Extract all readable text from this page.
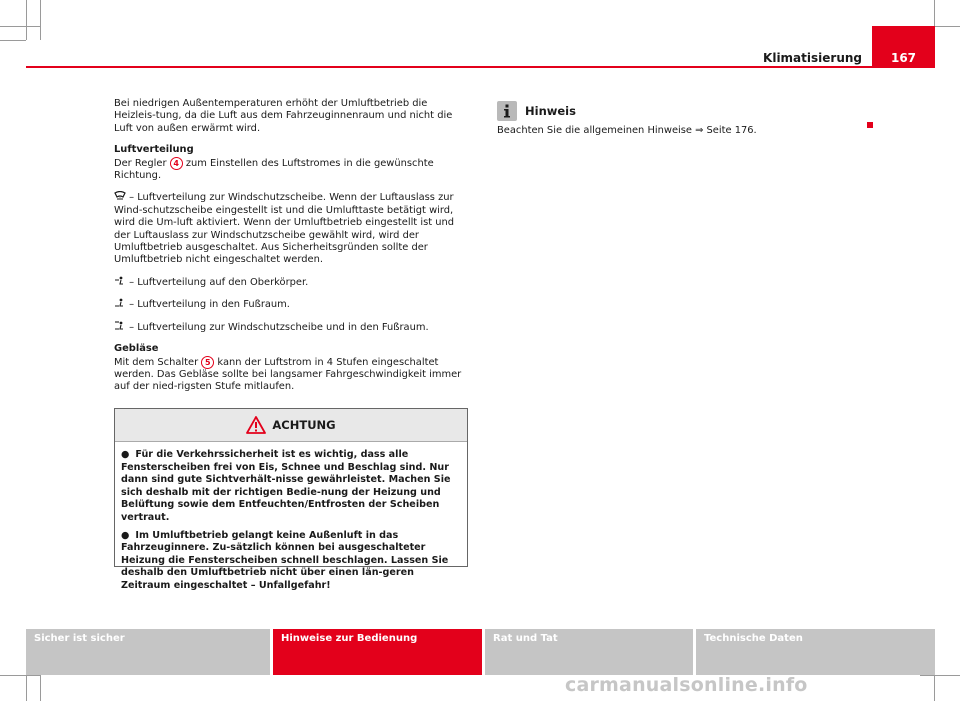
Klimatisierung	167

Bei niedrigen Außentemperaturen erhöht der Umluftbetrieb die Heizleis-tung, da die Luft aus dem Fahrzeuginnenraum und nicht die Luft von außen erwärmt wird.

Luftverteilung

Der Regler 4 zum Einstellen des Luftstromes in die gewünschte Richtung.

– Luftverteilung zur Windschutzscheibe. Wenn der Luftauslass zur Wind-schutzscheibe eingestellt ist und die Umlufttaste betätigt wird, wird die Um-luft aktiviert. Wenn der Umluftbetrieb eingestellt ist und der Luftauslass zur Windschutzscheibe gewählt wird, wird der Umluftbetrieb ausgeschaltet. Aus Sicherheitsgründen sollte der Umluftbetrieb nicht eingeschaltet werden.

– Luftverteilung auf den Oberkörper.

– Luftverteilung in den Fußraum.

– Luftverteilung zur Windschutzscheibe und in den Fußraum.

Gebläse

Mit dem Schalter 5 kann der Luftstrom in 4 Stufen eingeschaltet werden. Das Gebläse sollte bei langsamer Fahrgeschwindigkeit immer auf der nied-rigsten Stufe mitlaufen.

ACHTUNG
● Für die Verkehrssicherheit ist es wichtig, dass alle Fensterscheiben frei von Eis, Schnee und Beschlag sind. Nur dann sind gute Sichtverhält-nisse gewährleistet. Machen Sie sich deshalb mit der richtigen Bedie-nung der Heizung und Belüftung sowie dem Entfeuchten/Entfrosten der Scheiben vertraut.
● Im Umluftbetrieb gelangt keine Außenluft in das Fahrzeuginnere. Zu-sätzlich können bei ausgeschalteter Heizung die Fensterscheiben schnell beschlagen. Lassen Sie deshalb den Umluftbetrieb nicht über einen län-geren Zeitraum eingeschaltet – Unfallgefahr!
Hinweis
Beachten Sie die allgemeinen Hinweise ⇒ Seite 176.
Sicher ist sicher	Hinweise zur Bedienung	Rat und Tat	Technische Daten
carmanualsonline.info
